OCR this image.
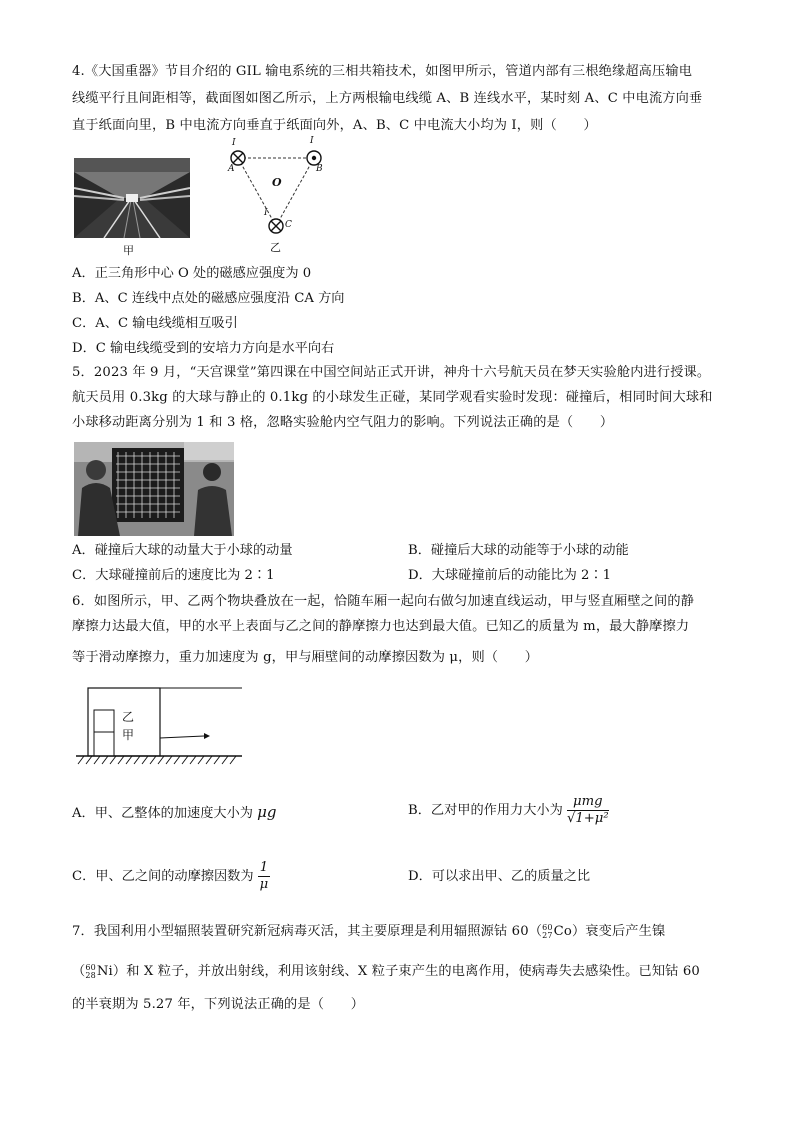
4.《大国重器》节目介绍的 GIL 输电系统的三相共箱技术，如图甲所示，管道内部有三根绝缘超高压输电
线缆平行且间距相等，截面图如图乙所示，上方两根输电线缆 A、B 连线水平，某时刻 A、C 中电流方向垂
直于纸面向里，B 中电流方向垂直于纸面向外，A、B、C 中电流大小均为 I，则（　　）
甲
I	I
I
A	B
C
O
乙
A．正三角形中心 O 处的磁感应强度为 0
B．A、C 连线中点处的磁感应强度沿 CA 方向
C．A、C 输电线缆相互吸引
D．C 输电线缆受到的安培力方向是水平向右
5．2023 年 9 月，“天宫课堂”第四课在中国空间站正式开讲，神舟十六号航天员在梦天实验舱内进行授课。
航天员用 0.3kg 的大球与静止的 0.1kg 的小球发生正碰，某同学观看实验时发现：碰撞后，相同时间大球和
小球移动距离分别为 1 和 3 格，忽略实验舱内空气阻力的影响。下列说法正确的是（　　）
A．碰撞后大球的动量大于小球的动量	B．碰撞后大球的动能等于小球的动能
C．大球碰撞前后的速度比为 2∶1	D．大球碰撞前后的动能比为 2∶1
6．如图所示，甲、乙两个物块叠放在一起，恰随车厢一起向右做匀加速直线运动，甲与竖直厢壁之间的静
摩擦力达最大值，甲的水平上表面与乙之间的静摩擦力也达到最大值。已知乙的质量为 m，最大静摩擦力
等于滑动摩擦力，重力加速度为 g，甲与厢壁间的动摩擦因数为 μ，则（　　）
乙
甲
A．甲、乙整体的加速度大小为 μg	B．乙对甲的作用力大小为 $\frac{\text{μmg}}{\text{√1+μ²}}$
C．甲、乙之间的动摩擦因数为 $\frac{1}{\mu}$	D．可以求出甲、乙的质量之比
7．我国利用小型辐照装置研究新冠病毒灭活，其主要原理是利用辐照源钴 60（ 60
27 Co）衰变后产生镍
（ 60
28 Ni）和 X 粒子，并放出射线，利用该射线、X 粒子束产生的电离作用，使病毒失去感染性。已知钴 60
的半衰期为 5.27 年，下列说法正确的是（　　）
